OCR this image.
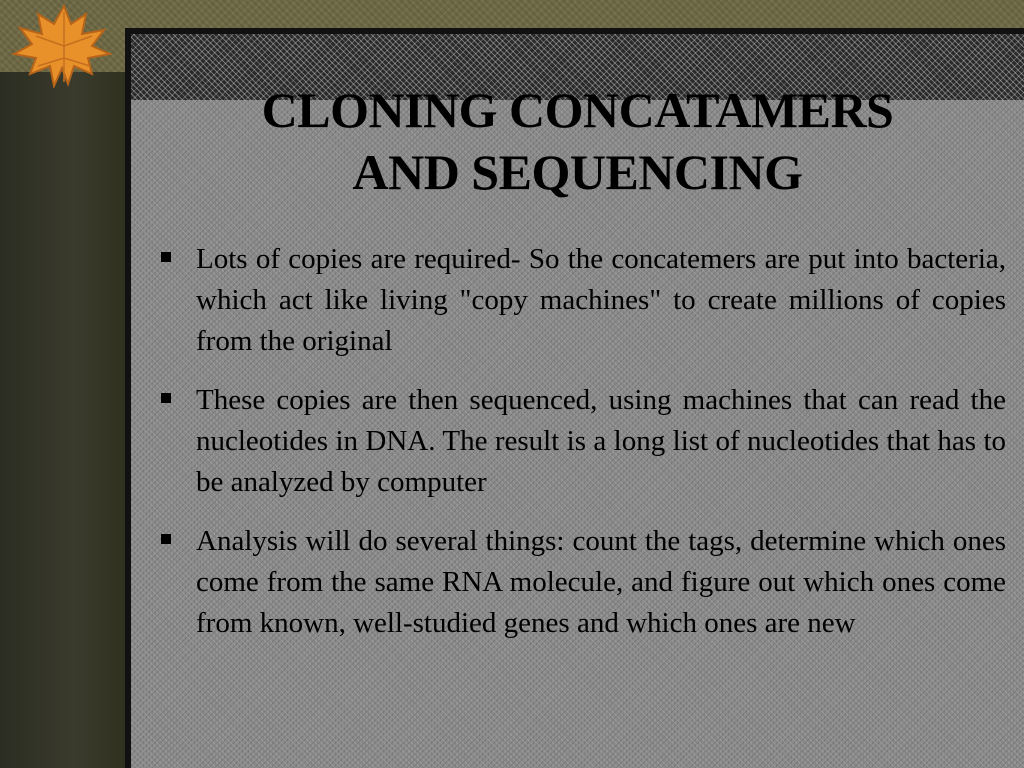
CLONING CONCATAMERS
AND SEQUENCING
Lots of copies are required- So the concatemers are put into bacteria, which act like living "copy machines" to create millions of copies from the original
These copies are then sequenced, using machines that can read the nucleotides in DNA. The result is a long list of nucleotides that has to be analyzed by computer
Analysis will do several things: count the tags, determine which ones come from the same RNA molecule, and figure out which ones come from known, well-studied genes and which ones are new
